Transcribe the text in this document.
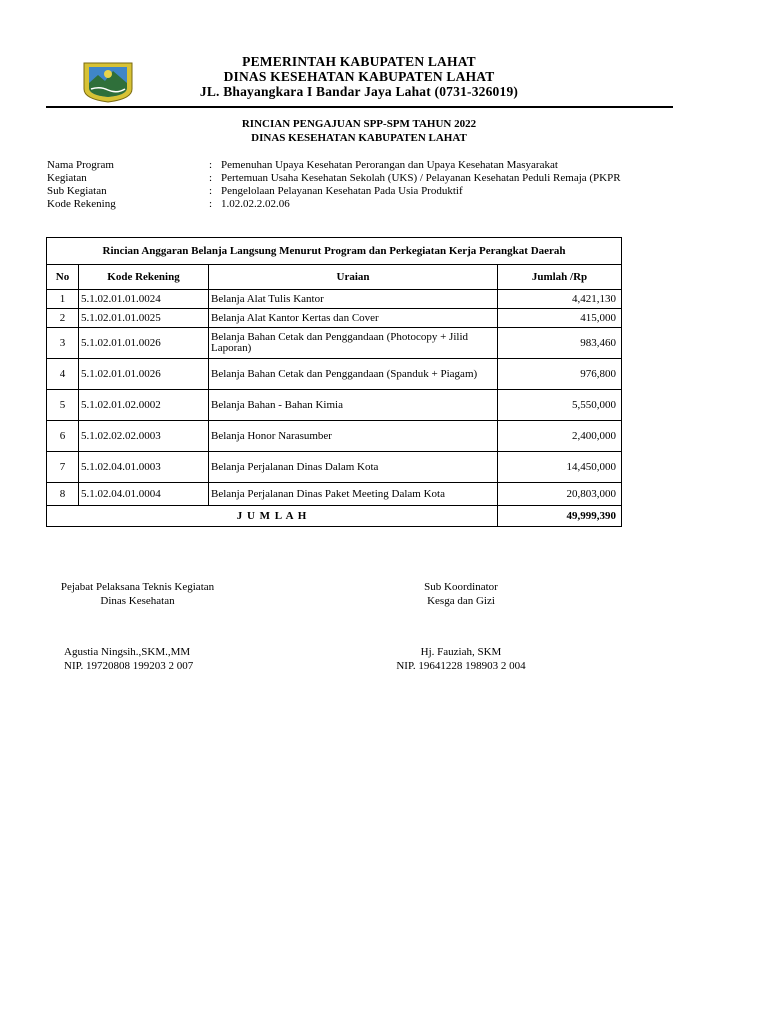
PEMERINTAH KABUPATEN LAHAT
DINAS KESEHATAN KABUPATEN LAHAT
JL. Bhayangkara I Bandar Jaya Lahat (0731-326019)
RINCIAN PENGAJUAN SPP-SPM TAHUN 2022
DINAS KESEHATAN KABUPATEN LAHAT
Nama Program	: Pemenuhan Upaya Kesehatan Perorangan dan Upaya Kesehatan Masyarakat
Kegiatan	: Pertemuan Usaha Kesehatan Sekolah (UKS) / Pelayanan Kesehatan Peduli Remaja (PKPR
Sub Kegiatan	: Pengelolaan Pelayanan Kesehatan Pada Usia Produktif
Kode Rekening	: 1.02.02.2.02.06
Rincian Anggaran Belanja Langsung Menurut Program dan Perkegiatan Kerja Perangkat Daerah			
No	Kode Rekening	Uraian	Jumlah /Rp
1	5.1.02.01.01.0024	Belanja Alat Tulis Kantor	4,421,130
2	5.1.02.01.01.0025	Belanja Alat Kantor Kertas dan Cover	415,000
3	5.1.02.01.01.0026	Belanja Bahan Cetak dan Penggandaan (Photocopy + Jilid Laporan)	983,460
4	5.1.02.01.01.0026	Belanja Bahan Cetak dan Penggandaan (Spanduk + Piagam)	976,800
5	5.1.02.01.02.0002	Belanja Bahan - Bahan Kimia	5,550,000
6	5.1.02.02.02.0003	Belanja Honor Narasumber	2,400,000
7	5.1.02.04.01.0003	Belanja Perjalanan Dinas Dalam Kota	14,450,000
8	5.1.02.04.01.0004	Belanja Perjalanan Dinas Paket Meeting Dalam Kota	20,803,000
J U M L A H			49,999,390
Pejabat Pelaksana Teknis Kegiatan
Dinas Kesehatan
Agustia Ningsih.,SKM.,MM
NIP. 19720808 199203 2 007
Sub Koordinator
Kesga dan Gizi
Hj. Fauziah, SKM
NIP. 19641228 198903 2 004
